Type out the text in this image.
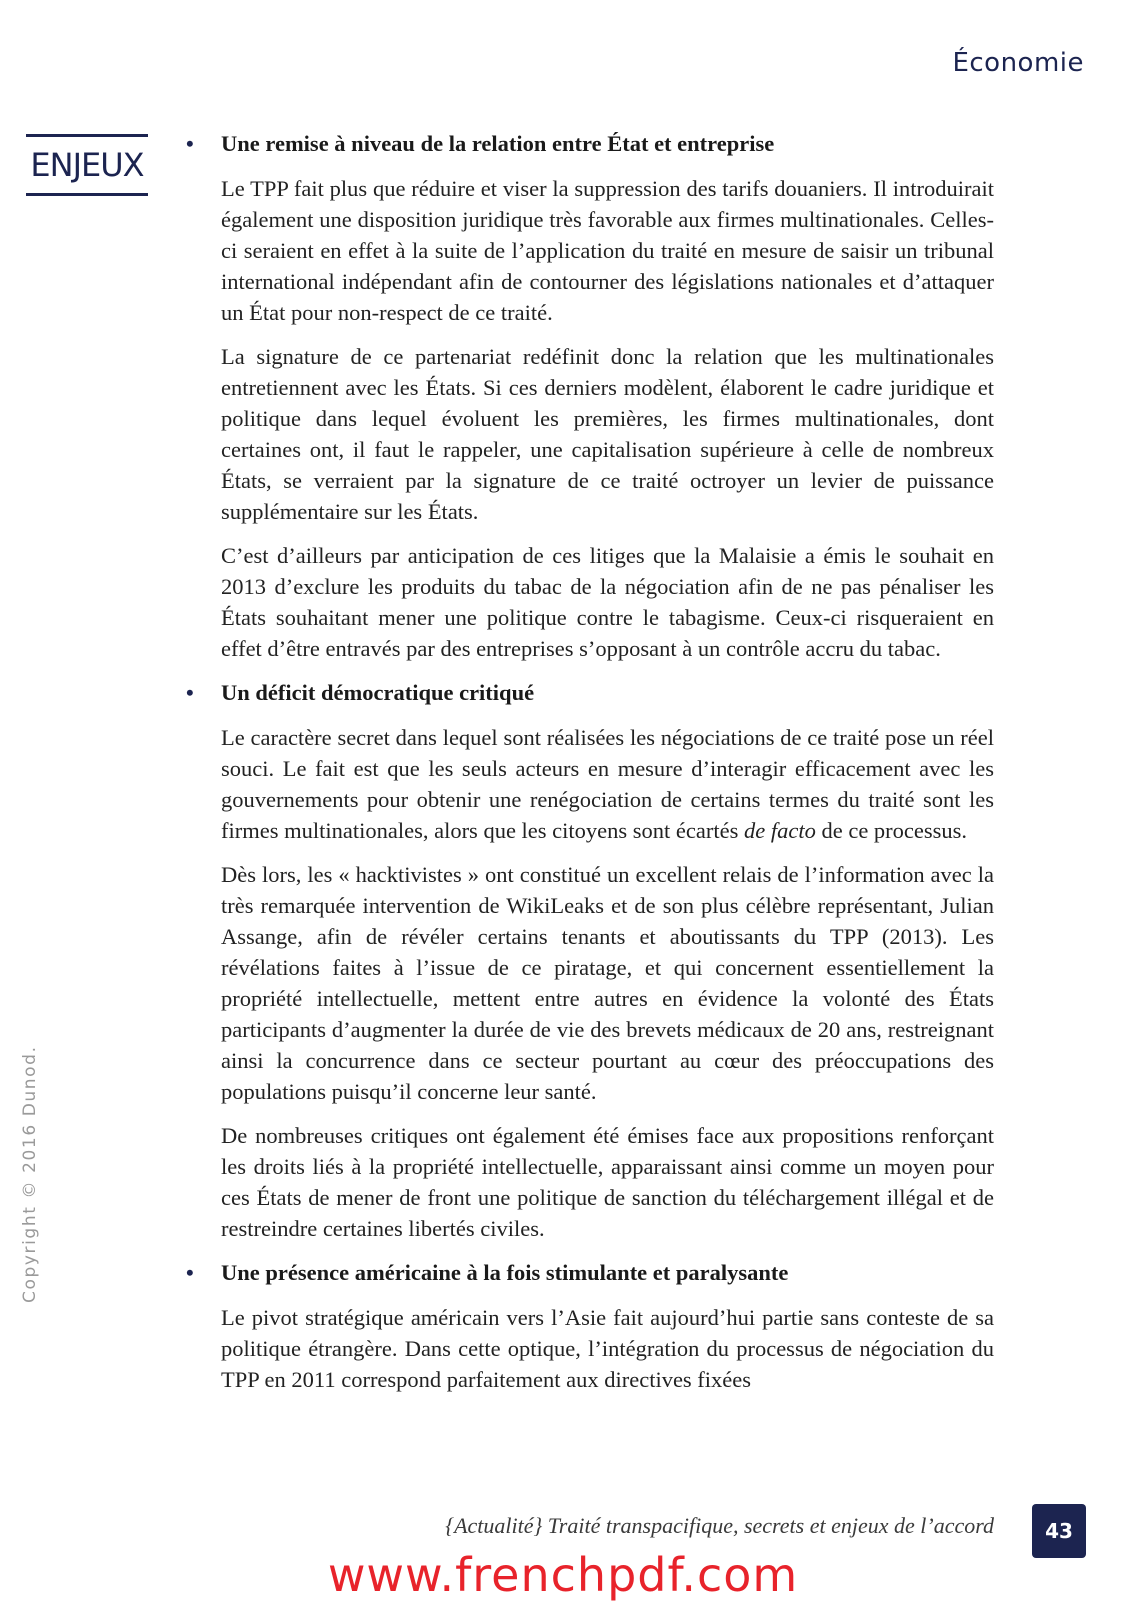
Économie
ENJEUX
Copyright © 2016 Dunod.
• Une remise à niveau de la relation entre État et entreprise

Le TPP fait plus que réduire et viser la suppression des tarifs douaniers. Il introduirait également une disposition juridique très favorable aux firmes multinationales. Celles-ci seraient en effet à la suite de l’application du traité en mesure de saisir un tribunal international indépendant afin de contourner des législations nationales et d’attaquer un État pour non-respect de ce traité.

La signature de ce partenariat redéfinit donc la relation que les multinationales entretiennent avec les États. Si ces derniers modèlent, élaborent le cadre juridique et politique dans lequel évoluent les premières, les firmes multinationales, dont certaines ont, il faut le rappeler, une capitalisation supérieure à celle de nombreux États, se verraient par la signature de ce traité octroyer un levier de puissance supplémentaire sur les États.

C’est d’ailleurs par anticipation de ces litiges que la Malaisie a émis le souhait en 2013 d’exclure les produits du tabac de la négociation afin de ne pas pénaliser les États souhaitant mener une politique contre le tabagisme. Ceux-ci risqueraient en effet d’être entravés par des entreprises s’opposant à un contrôle accru du tabac.

• Un déficit démocratique critiqué

Le caractère secret dans lequel sont réalisées les négociations de ce traité pose un réel souci. Le fait est que les seuls acteurs en mesure d’interagir efficacement avec les gouvernements pour obtenir une renégociation de certains termes du traité sont les firmes multinationales, alors que les citoyens sont écartés de facto de ce processus.

Dès lors, les « hacktivistes » ont constitué un excellent relais de l’information avec la très remarquée intervention de WikiLeaks et de son plus célèbre représentant, Julian Assange, afin de révéler certains tenants et aboutissants du TPP (2013). Les révélations faites à l’issue de ce piratage, et qui concernent essentiellement la propriété intellectuelle, mettent entre autres en évidence la volonté des États participants d’augmenter la durée de vie des brevets médicaux de 20 ans, restreignant ainsi la concurrence dans ce secteur pourtant au cœur des préoccupations des populations puisqu’il concerne leur santé.

De nombreuses critiques ont également été émises face aux propositions renforçant les droits liés à la propriété intellectuelle, apparaissant ainsi comme un moyen pour ces États de mener de front une politique de sanction du téléchargement illégal et de restreindre certaines libertés civiles.

• Une présence américaine à la fois stimulante et paralysante

Le pivot stratégique américain vers l’Asie fait aujourd’hui partie sans conteste de sa politique étrangère. Dans cette optique, l’intégration du processus de négociation du TPP en 2011 correspond parfaitement aux directives fixées

{Actualité} Traité transpacifique, secrets et enjeux de l’accord	43
www.frenchpdf.com
